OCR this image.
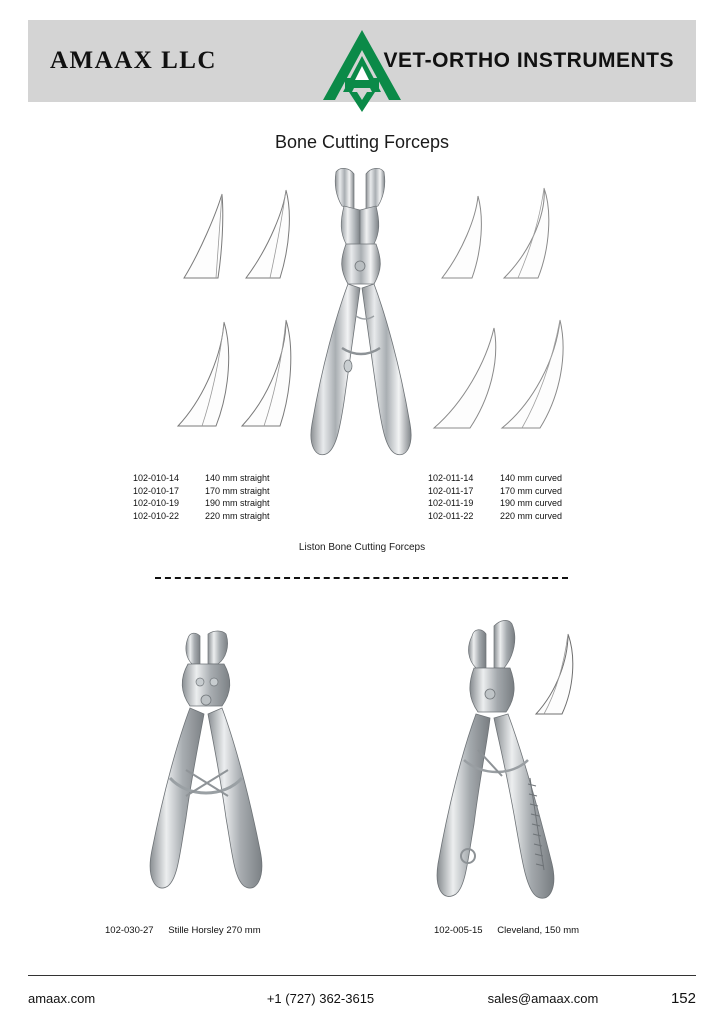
AMAAX LLC	VET-ORTHO INSTRUMENTS
Bone Cutting Forceps
102-010-14	140 mm straight
102-010-17	170 mm straight
102-010-19	190 mm straight
102-010-22	220 mm straight
102-011-14	140 mm curved
102-011-17	170 mm curved
102-011-19	190 mm curved
102-011-22	220 mm curved
Liston Bone Cutting Forceps
102-030-27 Stille Horsley 270 mm	102-005-15 Cleveland, 150 mm
amaax.com	+1 (727) 362-3615	sales@amaax.com	152
